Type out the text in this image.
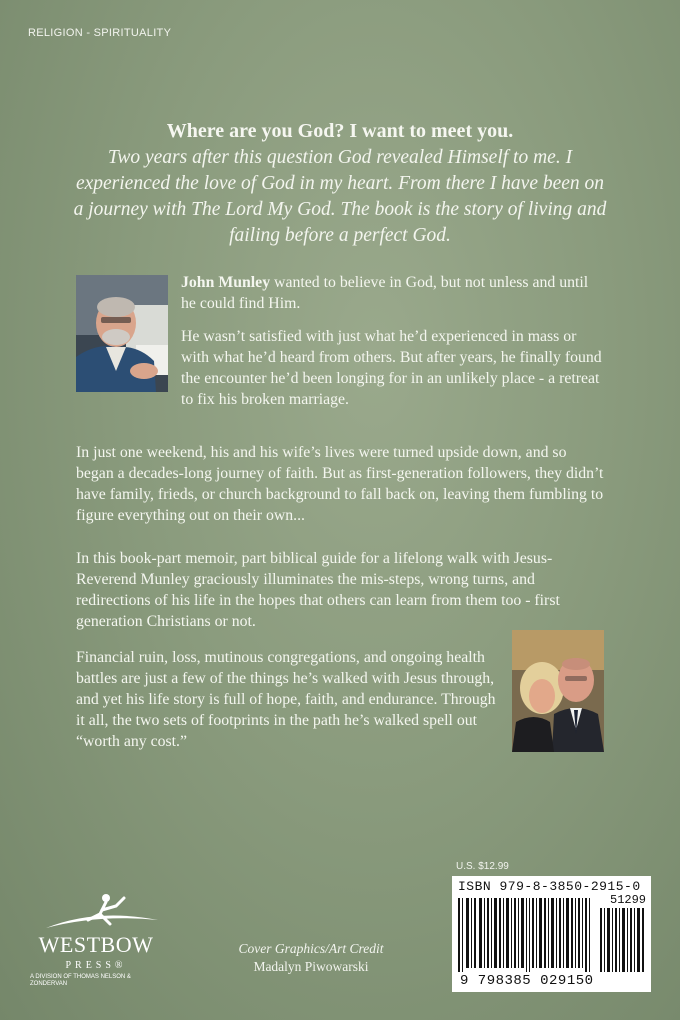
RELIGION - SPIRITUALITY
Where are you God? I want to meet you.
Two years after this question God revealed Himself to me. I experienced the love of God in my heart. From there I have been on a journey with The Lord My God. The book is the story of living and failing before a perfect God.
John Munley wanted to believe in God, but not unless and until he could find Him.
He wasn’t satisfied with just what he’d experienced in mass or with what he’d heard from others. But after years, he finally found the encounter he’d been longing for in an unlikely place - a retreat to fix his broken marriage.
In just one weekend, his and his wife’s lives were turned upside down, and so began a decades-long journey of faith. But as first-generation followers, they didn’t have family, frieds, or church background to fall back on, leaving them fumbling to figure everything out on their own...
In this book-part memoir, part biblical guide for a lifelong walk with Jesus-Reverend Munley graciously illuminates the mis-steps, wrong turns, and redirections of his life in the hopes that others can learn from them too - first generation Christians or not.
Financial ruin, loss, mutinous congregations, and ongoing health battles are just a few of the things he’s walked with Jesus through, and yet his life story is full of hope, faith, and endurance. Through it all, the two sets of footprints in the path he’s walked spell out “worth any cost.”
U.S. $12.99
ISBN 979-8-3850-2915-0
51299
9 798385 029150
Cover Graphics/Art Credit
Madalyn Piwowarski
WESTBOW
PRESS®
A DIVISION OF THOMAS NELSON & ZONDERVAN
